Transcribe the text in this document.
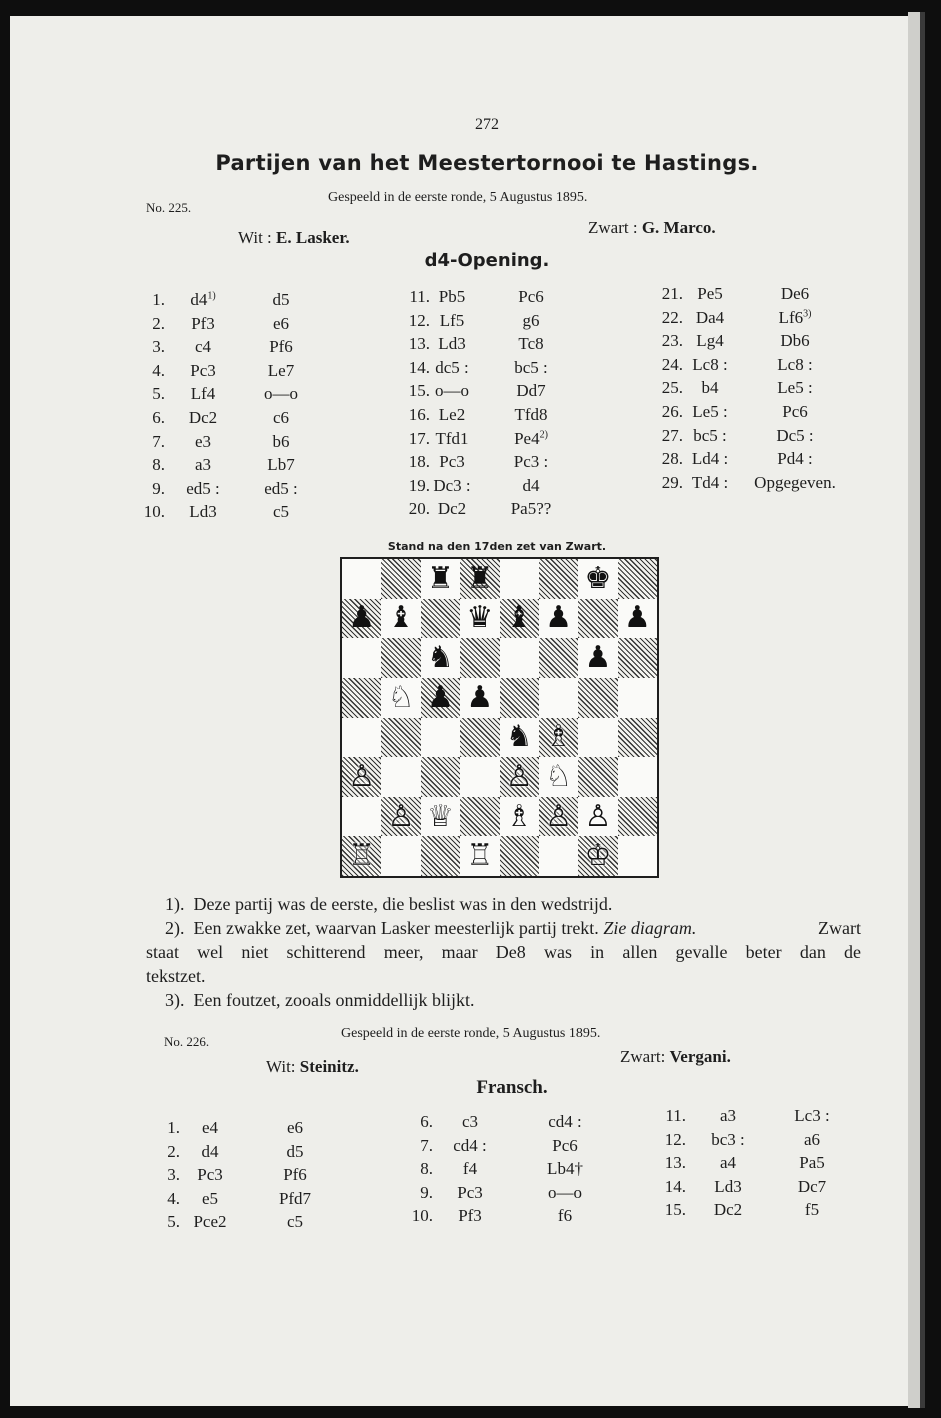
272
Partijen van het Meestertornooi te Hastings.
No. 225.
Gespeeld in de eerste ronde, 5 Augustus 1895.
Wit : E. Lasker.
Zwart : G. Marco.
d4-Opening.
1. d4$^{1)}$	d5
2. Pf3	e6
3. c4	Pf6
4. Pc3	Le7
5. Lf4	o—o
6. Dc2	c6
7. e3	b6
8. a3	Lb7
9. ed5 :	ed5 :
10. Ld3	c5
11. Pb5	Pc6
12. Lf5	g6
13. Ld3	Tc8
14. dc5 :	bc5 :
15. o—o	Dd7
16. Le2	Tfd8
17. Tfd1	Pe4$^{2)}$
18. Pc3	Pc3 :
19. Dc3 :	d4
20. Dc2	Pa5??
21. Pe5	De6
22. Da4	Lf6$^{3)}$
23. Lg4	Db6
24. Lc8 :	Lc8 :
25. b4	Le5 :
26. Le5 :	Pc6
27. bc5 :	Dc5 :
28. Ld4 :	Pd4 :
29. Td4 : Opgegeven.
Stand na den 17den zet van Zwart.
♜ ♜	♚
♟ ♝ ♛ ♝ ♟ ♟
♞	♟
♘ ♟ ♟
♞ ♗
♙	♙ ♘
♙ ♕ ♗ ♙ ♙
♖	♖	♔
1). Deze partij was de eerste, die beslist was in den wedstrijd.
2). Een zwakke zet, waarvan Lasker meesterlijk partij trekt. Zie diagram.	Zwart
staat wel niet schitterend meer, maar De8 was in allen gevalle beter dan de
tekstzet.
3). Een foutzet, zooals onmiddellijk blijkt.
No. 226.
Gespeeld in de eerste ronde, 5 Augustus 1895.
Wit: Steinitz.
Zwart: Vergani.
Fransch.
1. e4	e6
2. d4	d5
3. Pc3	Pf6
4. e5	Pfd7
5. Pce2	c5
6. c3	cd4 :
7. cd4 :	Pc6
8. f4	Lb4†
9. Pc3	o—o
10. Pf3	f6
11. a3	Lc3 :
12. bc3 :	a6
13. a4	Pa5
14. Ld3	Dc7
15. Dc2	f5
